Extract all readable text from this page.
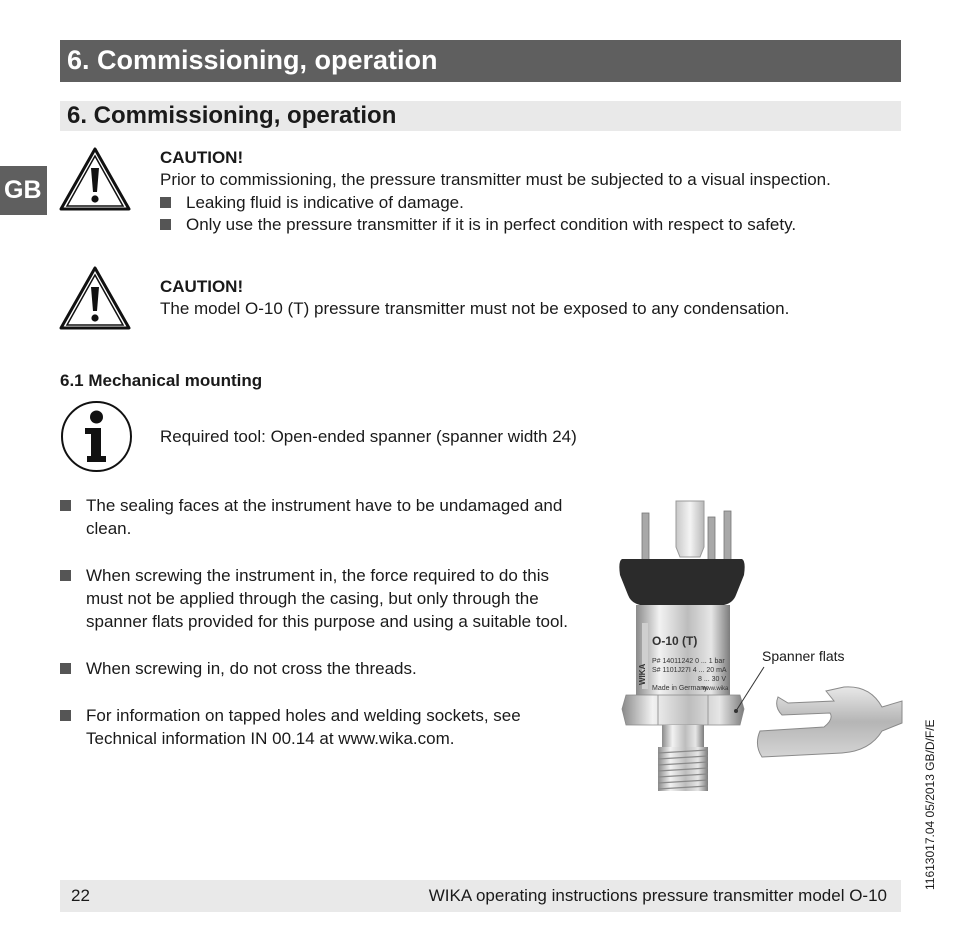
6. Commissioning, operation
6. Commissioning, operation
GB
CAUTION!
Prior to commissioning, the pressure transmitter must be subjected to a visual inspection.
Leaking fluid is indicative of damage.
Only use the pressure transmitter if it is in perfect condition with respect to safety.
CAUTION!
The model O-10 (T) pressure transmitter must not be exposed to any condensation.
6.1 Mechanical mounting
Required tool: Open-ended spanner (spanner width 24)
The sealing faces at the instrument have to be undamaged and
clean.
When screwing the instrument in, the force required to do this
must not be applied through the casing, but only through the
spanner flats provided for this purpose and using a suitable tool.
When screwing in, do not cross the threads.
For information on tapped holes and welding sockets, see
Technical information IN 00.14 at www.wika.com.
O-10 (T)
P# 14011242 0 ... 1 bar
S# 1101J27I 4 ... 20 mA
8 ... 30 V
Made in Germany
www.wika
WIKA
Spanner flats
11613017.04 05/2013 GB/D/F/E
22	WIKA operating instructions pressure transmitter model O-10
